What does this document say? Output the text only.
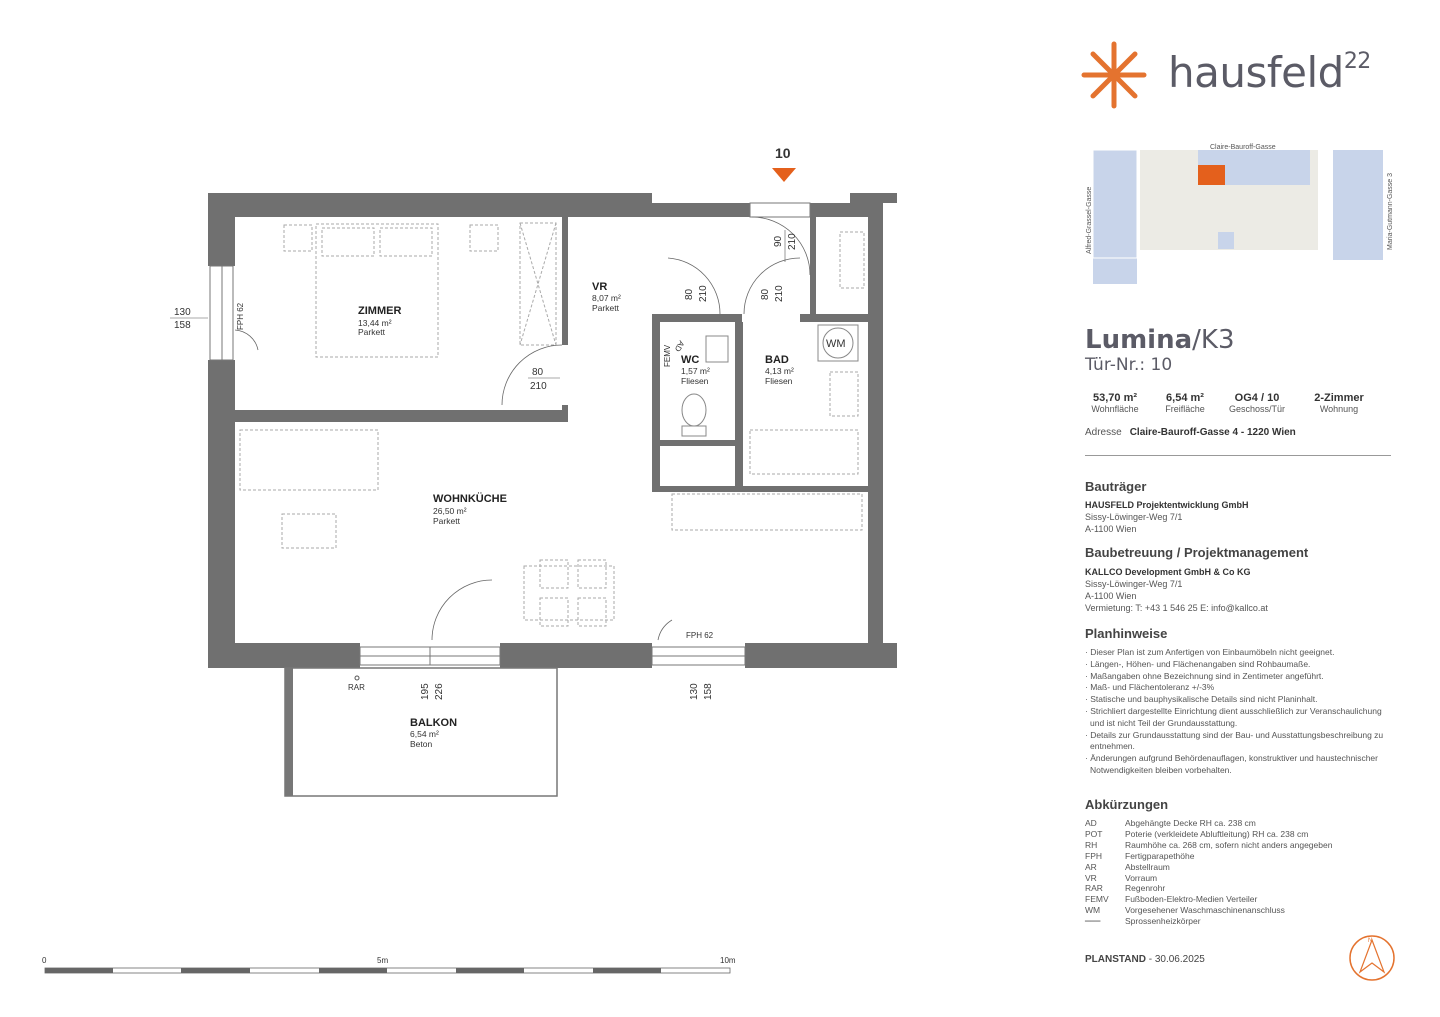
10
ZIMMER
13,44 m²
Parkett
VR
8,07 m²
Parkett
WC
1,57 m²
Fliesen
BAD
4,13 m²
Fliesen
WOHNKÜCHE
26,50 m²
Parkett
BALKON
6,54 m²
Beton
130
158	FPH 62
90 210
80 210	80 210
80
210
195 226	130 158
FPH 62
RAR
FEMV AD	WM
0	5m	10m
Claire-Bauroff-Gasse
Alfred-Grassel-Gasse	Maria-Gutmann-Gasse 3
N
hausfeld$^{22}$
Lumina/K3
Tür-Nr.: 10
53,70 m²
Wohnfläche
6,54 m²
Freifläche
OG4 / 10
Geschoss/Tür
2-Zimmer
Wohnung
Adresse Claire-Bauroff-Gasse 4 - 1220 Wien
Bauträger
HAUSFELD Projektentwicklung GmbH
Sissy-Löwinger-Weg 7/1
A-1100 Wien
Baubetreuung / Projektmanagement
KALLCO Development GmbH & Co KG
Sissy-Löwinger-Weg 7/1
A-1100 Wien
Vermietung: T: +43 1 546 25 E: info@kallco.at
Planhinweise
· Dieser Plan ist zum Anfertigen von Einbaumöbeln nicht geeignet.
· Längen-, Höhen- und Flächenangaben sind Rohbaumaße.
· Maßangaben ohne Bezeichnung sind in Zentimeter angeführt.
· Maß- und Flächentoleranz +/-3%
· Statische und bauphysikalische Details sind nicht Planinhalt.
· Strichliert dargestellte Einrichtung dient ausschließlich zur Veranschaulichung und ist nicht Teil der Grundausstattung.
· Details zur Grundausstattung sind der Bau- und Ausstattungsbeschreibung zu entnehmen.
· Änderungen aufgrund Behördenauflagen, konstruktiver und haustechnischer Notwendigkeiten bleiben vorbehalten.
Abkürzungen
AD	Abgehängte Decke RH ca. 238 cm
POT	Poterie (verkleidete Abluftleitung) RH ca. 238 cm
RH	Raumhöhe ca. 268 cm, sofern nicht anders angegeben
FPH	Fertigparapethöhe
AR	Abstellraum
VR	Vorraum
RAR	Regenrohr
FEMV	Fußboden-Elektro-Medien Verteiler
WM	Vorgesehener Waschmaschinenanschluss
━━━	Sprossenheizkörper
PLANSTAND - 30.06.2025
